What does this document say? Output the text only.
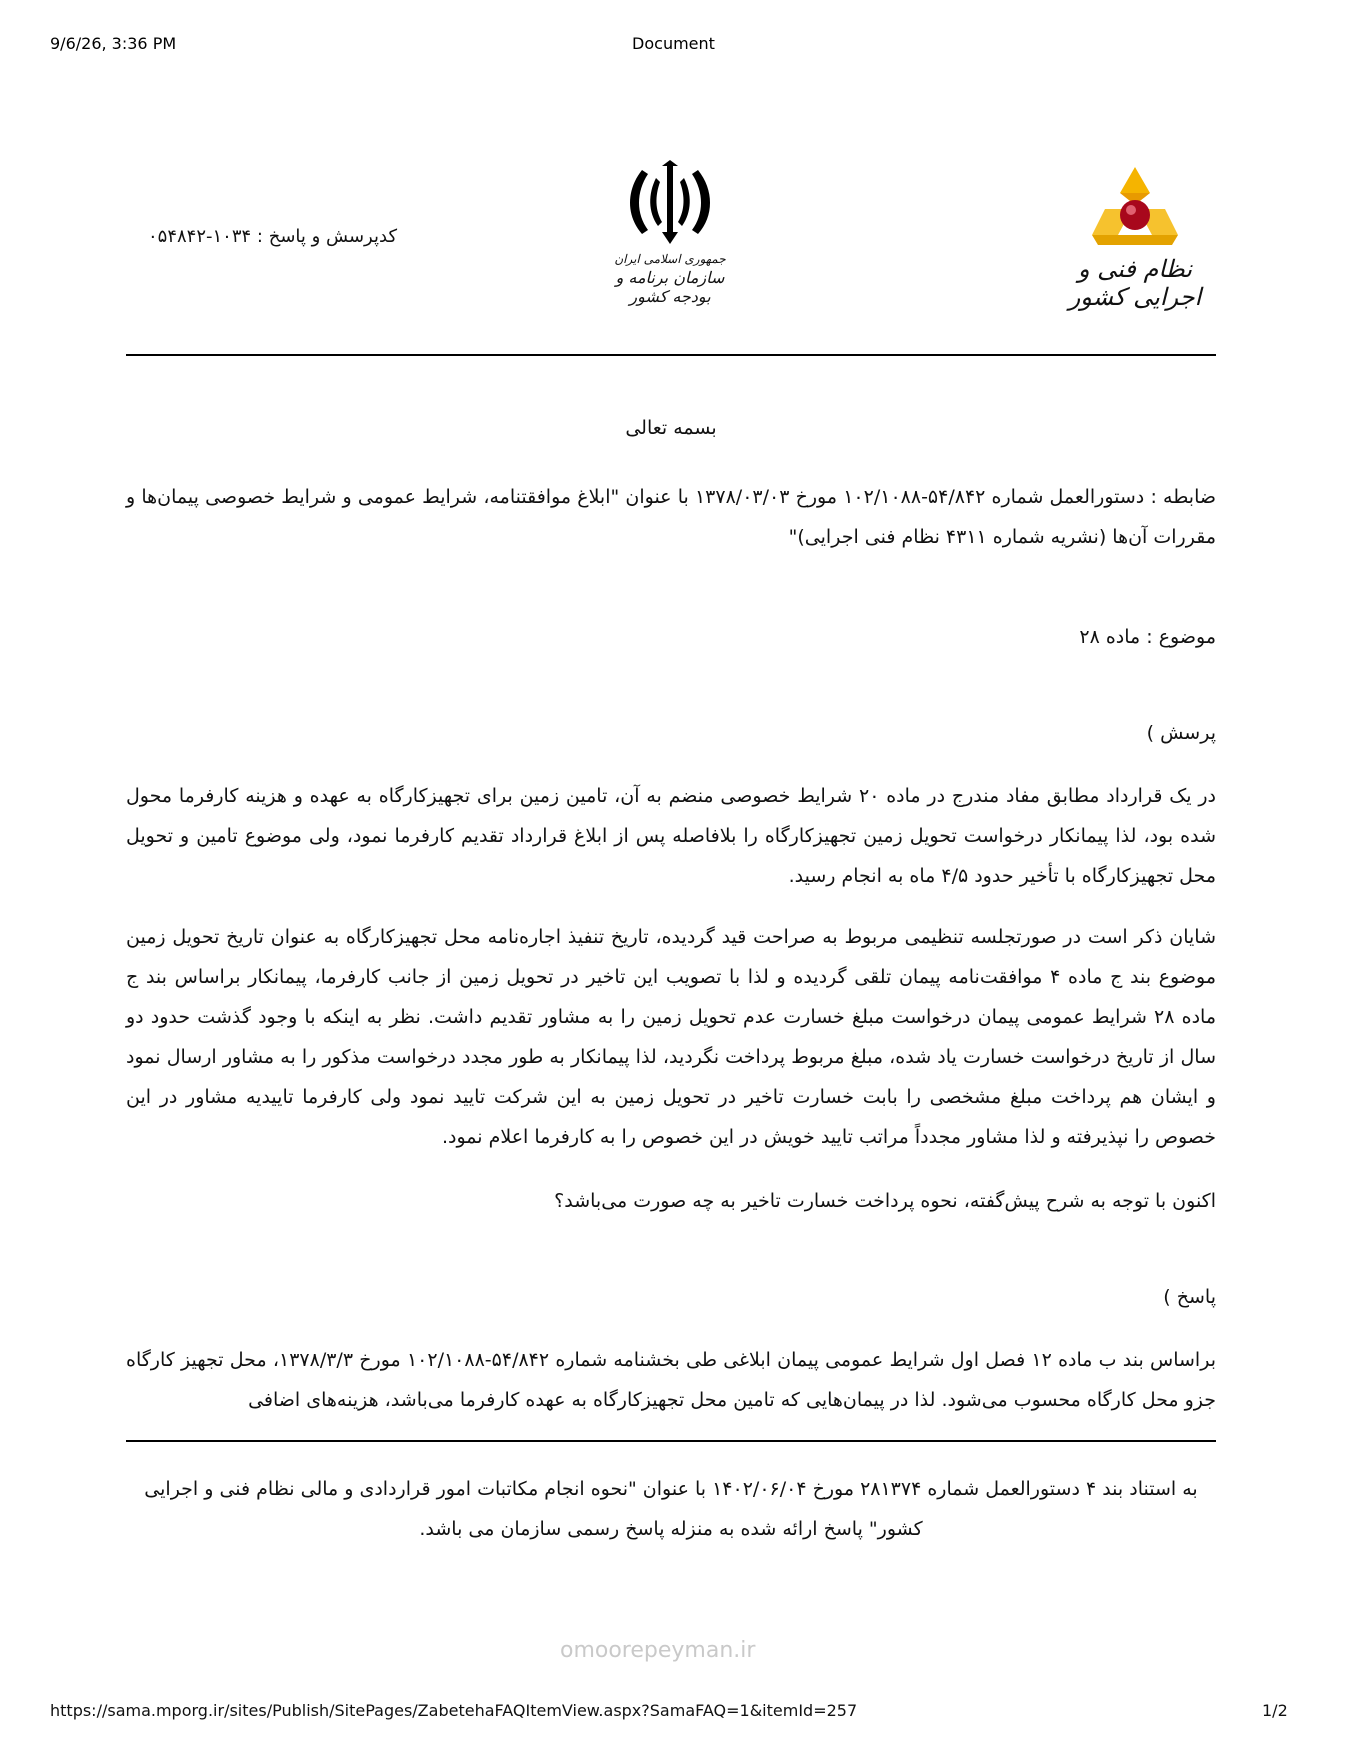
9/6/26, 3:36 PM	Document
کدپرسش و پاسخ : ۱۰۳۴-۰۵۴۸۴۲
جمهوری اسلامی ایران
سازمان برنامه و بودجه کشور
نظام فنی و اجرایی کشور
بسمه تعالی
ضابطه : دستورالعمل شماره ۵۴/۸۴۲-۱۰۲/۱۰۸۸ مورخ ۱۳۷۸/۰۳/۰۳ با عنوان "ابلاغ موافقتنامه، شرایط عمومی و شرایط خصوصی پیمان‌ها و مقررات آن‌ها (نشریه شماره ۴۳۱۱ نظام فنی اجرایی)"
موضوع : ماده ۲۸
پرسش )
در یک قرارداد مطابق مفاد مندرج در ماده ۲۰ شرایط خصوصی منضم به آن، تامین زمین برای تجهیزکارگاه به عهده و هزینه کارفرما محول شده بود، لذا پیمانکار درخواست تحویل زمین تجهیزکارگاه را بلافاصله پس از ابلاغ قرارداد تقدیم کارفرما نمود، ولی موضوع تامین و تحویل محل تجهیزکارگاه با تأخیر حدود ۴/۵ ماه به انجام رسید.
شایان ذکر است در صورتجلسه تنظیمی مربوط به صراحت قید گردیده، تاریخ تنفیذ اجاره‌نامه محل تجهیزکارگاه به عنوان تاریخ تحویل زمین موضوع بند ج ماده ۴ موافقت‌نامه پیمان تلقی گردیده و لذا با تصویب این تاخیر در تحویل زمین از جانب کارفرما، پیمانکار براساس بند ج ماده ۲۸ شرایط عمومی پیمان درخواست مبلغ خسارت عدم تحویل زمین را به مشاور تقدیم داشت. نظر به اینکه با وجود گذشت حدود دو سال از تاریخ درخواست خسارت یاد شده، مبلغ مربوط پرداخت نگردید، لذا پیمانکار به طور مجدد درخواست مذکور را به مشاور ارسال نمود و ایشان هم پرداخت مبلغ مشخصی را بابت خسارت تاخیر در تحویل زمین به این شرکت تایید نمود ولی کارفرما تاییدیه مشاور در این خصوص را نپذیرفته و لذا مشاور مجدداً مراتب تایید خویش در این خصوص را به کارفرما اعلام نمود.
اکنون با توجه به شرح پیش‌گفته، نحوه پرداخت خسارت تاخیر به چه صورت می‌باشد؟
پاسخ )
براساس بند ب ماده ۱۲ فصل اول شرایط عمومی پیمان ابلاغی طی بخشنامه شماره ۵۴/۸۴۲-۱۰۲/۱۰۸۸ مورخ ۱۳۷۸/۳/۳، محل تجهیز کارگاه جزو محل کارگاه محسوب می‌شود. لذا در پیمان‌هایی که تامین محل تجهیزکارگاه به عهده کارفرما می‌باشد، هزینه‌های اضافی
به استناد بند ۴ دستورالعمل شماره ۲۸۱۳۷۴ مورخ ۱۴۰۲/۰۶/۰۴ با عنوان "نحوه انجام مکاتبات امور قراردادی و مالی نظام فنی و اجرایی کشور" پاسخ ارائه شده به منزله پاسخ رسمی سازمان می باشد.
omoorepeyman.ir
https://sama.mporg.ir/sites/Publish/SitePages/ZabetehaFAQItemView.aspx?SamaFAQ=1&itemId=257	1/2
